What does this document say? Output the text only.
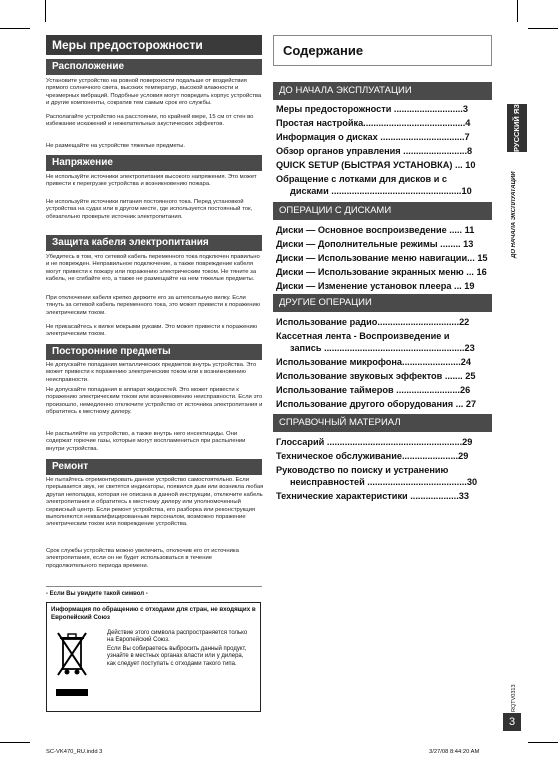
Меры предосторожности
Расположение

Установите устройство на ровной поверхности подальше от воздействия прямого солнечного света, высоких температур, высокой влажности и чрезмерных вибраций. Подобные условия могут повредить корпус устройства и другие компоненты, сократив тем самым срок его службы.

Располагайте устройство на расстоянии, по крайней мере, 15 см от стен во избежание искажений и нежелательных акустических эффектов.

Не размещайте на устройстве тяжелые предметы.

Напряжение

Не используйте источники электропитания высокого напряжения. Это может привести к перегрузке устройства и возникновению пожара.

Не используйте источники питания постоянного тока. Перед установкой устройства на судах или в другом месте, где используется постоянный ток, обязательно проверьте источник электропитания.

Защита кабеля электропитания

Убедитесь в том, что сетевой кабель переменного тока подключен правильно и не поврежден. Неправильное подключение, а также повреждение кабеля могут привести к пожару или поражению электрическим током. Не тяните за кабель, не сгибайте его, а также не размещайте на нем тяжелые предметы.

При отключении кабеля крепко держите его за штепсельную вилку. Если тянуть за сетевой кабель переменного тока, это может привести к поражению электрическим током.

Не прикасайтесь к вилке мокрыми руками. Это может привести к поражению электрическим током.

Посторонние предметы

Не допускайте попадания металлических предметов внутрь устройства. Это может привести к поражению электрическим током или к возникновению неисправности.

Не допускайте попадания в аппарат жидкостей. Это может привести к поражению электрическим током или возникновению неисправности. Если это произошло, немедленно отключите устройство от источника электропитания и обратитесь к местному дилеру.

Не распыляйте на устройство, а также внутрь него инсектициды. Они содержат горючие газы, которые могут воспламениться при распылении внутри устройства.

Ремонт

Не пытайтесь отремонтировать данное устройство самостоятельно. Если прерывается звук, не светятся индикаторы, появился дым или возникла любая другая неполадка, которая не описана в данной инструкции, отключите кабель электропитания и обратитесь к местному дилеру или уполномоченный сервисный центр. Если ремонт устройства, его разборка или реконструкция выполняются неквалифицированным персоналом, возможно поражение электрическим током или повреждение устройства.

Срок службы устройства можно увеличить, отключив его от источника электропитания, если он не будет использоваться в течение продолжительного периода времени.

- Если Вы увидите такой символ -
Информация по обращению с отходами для стран, не входящих в Европейский Союз
Действие этого символа распространяется только на Европейский Союз.
Если Вы собираетесь выбросить данный продукт, узнайте в местных органах власти или у дилера, как следует поступать с отходами такого типа.
Содержание
ДО НАЧАЛА ЭКСПЛУАТАЦИИ
Меры предосторожности ...........................3
Простая настройка........................................4
Информация о дисках .................................7
Обзор органов управления .........................8
QUICK SETUP (БЫСТРАЯ УСТАНОВКА) ... 10
Обращение с лотками для дисков и с
дисками ...................................................10
ОПЕРАЦИИ С ДИСКАМИ
Диски — Основное воспроизведение ..... 11
Диски — Дополнительные режимы ........ 13
Диски — Использование меню навигации... 15
Диски — Использование экранных меню ... 16
Диски — Изменение установок плеера ... 19
ДРУГИЕ ОПЕРАЦИИ
Использование радио................................22
Кассетная лента - Воспроизведение и
запись .......................................................23
Использование микрофона.......................24
Использование звуковых эффектов ....... 25
Использование таймеров .........................26
Использование другого оборудования ... 27
СПРАВОЧНЫЙ МАТЕРИАЛ
Глоссарий .....................................................29
Техническое обслуживание......................29
Руководство по поиску и устранению
неисправностей .......................................30
Технические характеристики ...................33
РУССКИЙ ЯЗЫК
ДО НАЧАЛА ЭКСПЛУАТАЦИИ
RQTV0313
3
SC-VK470_RU.indd 3	3/27/08 8:44:20 AM
